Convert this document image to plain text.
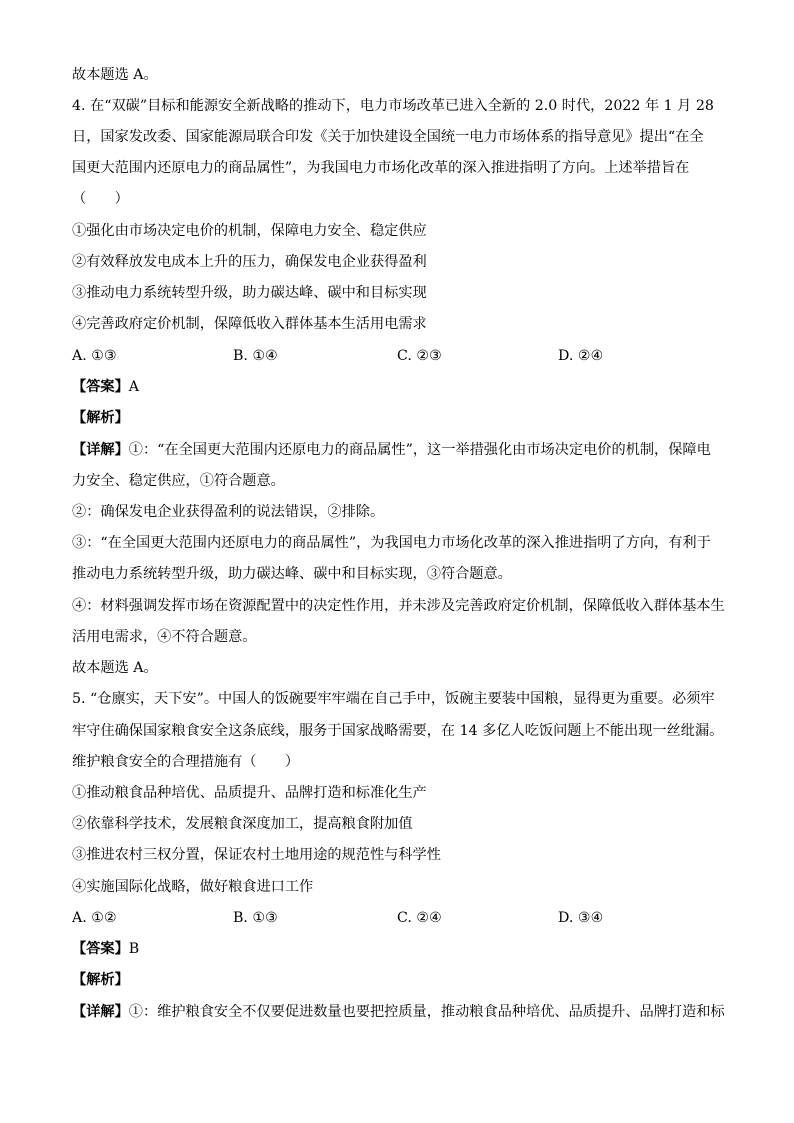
故本题选 A。
4. 在“双碳”目标和能源安全新战略的推动下，电力市场改革已进入全新的 2.0 时代，2022 年 1 月 28
日，国家发改委、国家能源局联合印发《关于加快建设全国统一电力市场体系的指导意见》提出“在全
国更大范围内还原电力的商品属性”，为我国电力市场化改革的深入推进指明了方向。上述举措旨在
（　　）
①强化由市场决定电价的机制，保障电力安全、稳定供应
②有效释放发电成本上升的压力，确保发电企业获得盈利
③推动电力系统转型升级，助力碳达峰、碳中和目标实现
④完善政府定价机制，保障低收入群体基本生活用电需求
A. ①③	B. ①④	C. ②③	D. ②④
【答案】A
【解析】
【详解】①：“在全国更大范围内还原电力的商品属性”，这一举措强化由市场决定电价的机制，保障电
力安全、稳定供应，①符合题意。
②：确保发电企业获得盈利的说法错误，②排除。
③：“在全国更大范围内还原电力的商品属性”，为我国电力市场化改革的深入推进指明了方向，有利于
推动电力系统转型升级，助力碳达峰、碳中和目标实现，③符合题意。
④：材料强调发挥市场在资源配置中的决定性作用，并未涉及完善政府定价机制，保障低收入群体基本生
活用电需求，④不符合题意。
故本题选 A。
5. “仓廪实，天下安”。中国人的饭碗要牢牢端在自己手中，饭碗主要装中国粮，显得更为重要。必须牢
牢守住确保国家粮食安全这条底线，服务于国家战略需要，在 14 多亿人吃饭问题上不能出现一丝纰漏。
维护粮食安全的合理措施有（　　）
①推动粮食品种培优、品质提升、品牌打造和标准化生产
②依靠科学技术，发展粮食深度加工，提高粮食附加值
③推进农村三权分置，保证农村土地用途的规范性与科学性
④实施国际化战略，做好粮食进口工作
A. ①②	B. ①③	C. ②④	D. ③④
【答案】B
【解析】
【详解】①：维护粮食安全不仅要促进数量也要把控质量，推动粮食品种培优、品质提升、品牌打造和标
